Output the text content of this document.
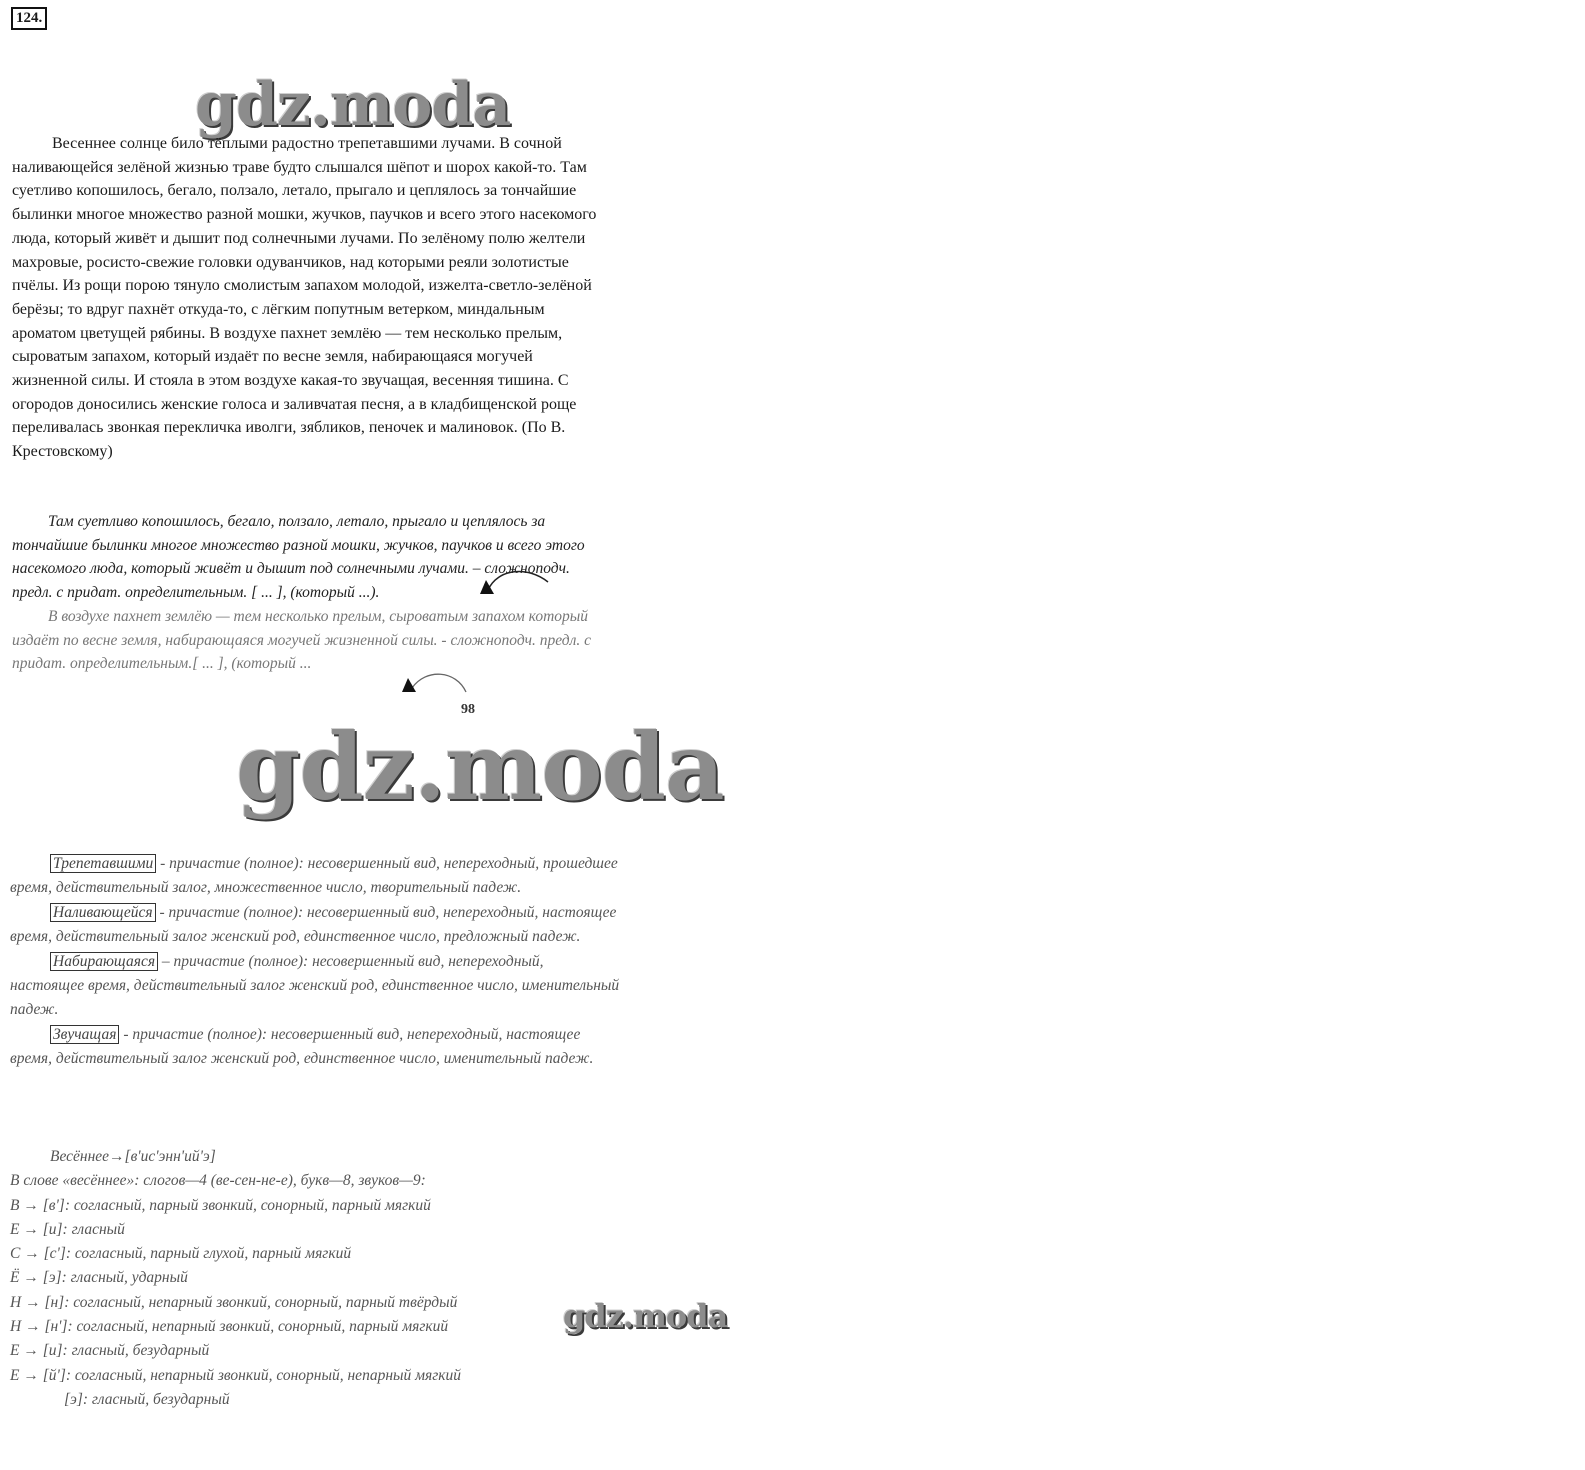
124.
gdz.moda

Весеннее солнце било тёплыми радостно трепетавшими лучами. В сочной наливающейся зелёной жизнью траве будто слышался шёпот и шорох какой-то. Там суетливо копошилось, бегало, ползало, летало, прыгало и цеплялось за тончайшие былинки многое множество разной мошки, жучков, паучков и всего этого насекомого люда, который живёт и дышит под солнечными лучами. По зелёному полю желтели махровые, росисто-свежие головки одуванчиков, над которыми реяли золотистые пчёлы. Из рощи порою тянуло смолистым запахом молодой, изжелта-светло-зелёной берёзы; то вдруг пахнёт откуда-то, с лёгким попутным ветерком, миндальным ароматом цветущей рябины. В воздухе пахнет землёю — тем несколько прелым, сыроватым запахом, который издаёт по весне земля, набирающаяся могучей жизненной силы. И стояла в этом воздухе какая-то звучащая, весенняя тишина. С огородов доносились женские голоса и заливчатая песня, а в кладбищенской роще переливалась звонкая перекличка иволги, зябликов, пеночек и малиновок. (По В. Крестовскому)

Там суетливо копошилось, бегало, ползало, летало, прыгало и цеплялось за тончайшие былинки многое множество разной мошки, жучков, паучков и всего этого насекомого люда, который живёт и дышит под солнечными лучами. – сложноподч. предл. с придат. определительным. [ ... ], (который ...).

В воздухе пахнет землёю — тем несколько прелым, сыроватым запахом который издаёт по весне земля, набирающаяся могучей жизненной силы. - сложноподч. предл. с придат. определительным.[ ... ], (который ...

98
gdz.moda

Трепетавшими - причастие (полное): несовершенный вид, непереходный, прошедшее время, действительный залог, множественное число, творительный падеж.

Наливающейся - причастие (полное): несовершенный вид, непереходный, настоящее время, действительный залог женский род, единственное число, предложный падеж.

Набирающаяся – причастие (полное): несовершенный вид, непереходный, настоящее время, действительный залог женский род, единственное число, именительный падеж.

Звучащая - причастие (полное): несовершенный вид, непереходный, настоящее время, действительный залог женский род, единственное число, именительный падеж.

Весённее→[в'ис'энн'ий'э]
В слове «весённее»: слогов—4 (ве-сен-не-е), букв—8, звуков—9:
В → [в']: согласный, парный звонкий, сонорный, парный мягкий
Е → [и]: гласный
С → [с']: согласный, парный глухой, парный мягкий
Ё → [э]: гласный, ударный
Н → [н]: согласный, непарный звонкий, сонорный, парный твёрдый
Н → [н']: согласный, непарный звонкий, сонорный, парный мягкий
Е → [и]: гласный, безударный
Е → [й']: согласный, непарный звонкий, сонорный, непарный мягкий
[э]: гласный, безударный
gdz.moda
